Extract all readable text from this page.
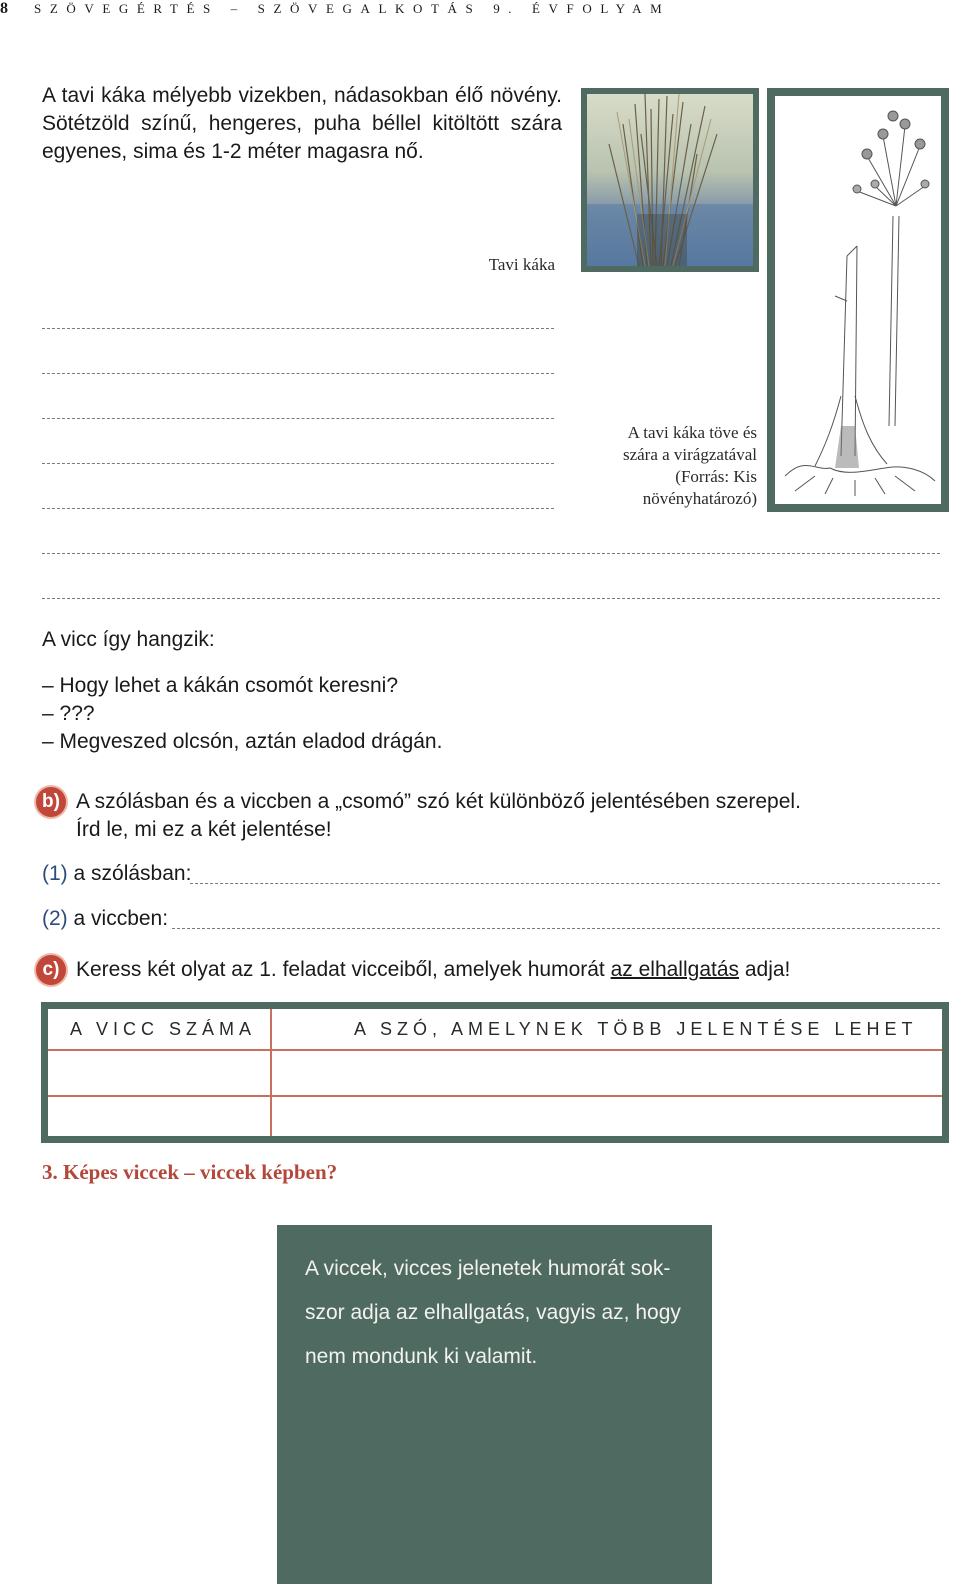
8 SZÖVEGÉRTÉS – SZÖVEGALKOTÁS 9. ÉVFOLYAM
A tavi káka mélyebb vizekben, nádasokban élő növény. Sötétzöld színű, hengeres, puha béllel kitöltött szára egyenes, sima és 1-2 méter magasra nő.
Tavi káka
A tavi káka töve és
szára a virágzatával
(Forrás: Kis
növényhatározó)
A vicc így hangzik:
– Hogy lehet a kákán csomót keresni?
– ???
– Megveszed olcsón, aztán eladod drágán.
b) A szólásban és a viccben a „csomó” szó két különböző jelentésében szerepel.
Írd le, mi ez a két jelentése!
(1) a szólásban:
(2) a viccben:
c) Keress két olyat az 1. feladat vicceiből, amelyek humorát az elhallgatás adja!
A VICC SZÁMA	A SZÓ, AMELYNEK TÖBB JELENTÉSE LEHET
3. Képes viccek – viccek képben?
A viccek, vicces jelenetek humorát sok-
szor adja az elhallgatás, vagyis az, hogy
nem mondunk ki valamit.
